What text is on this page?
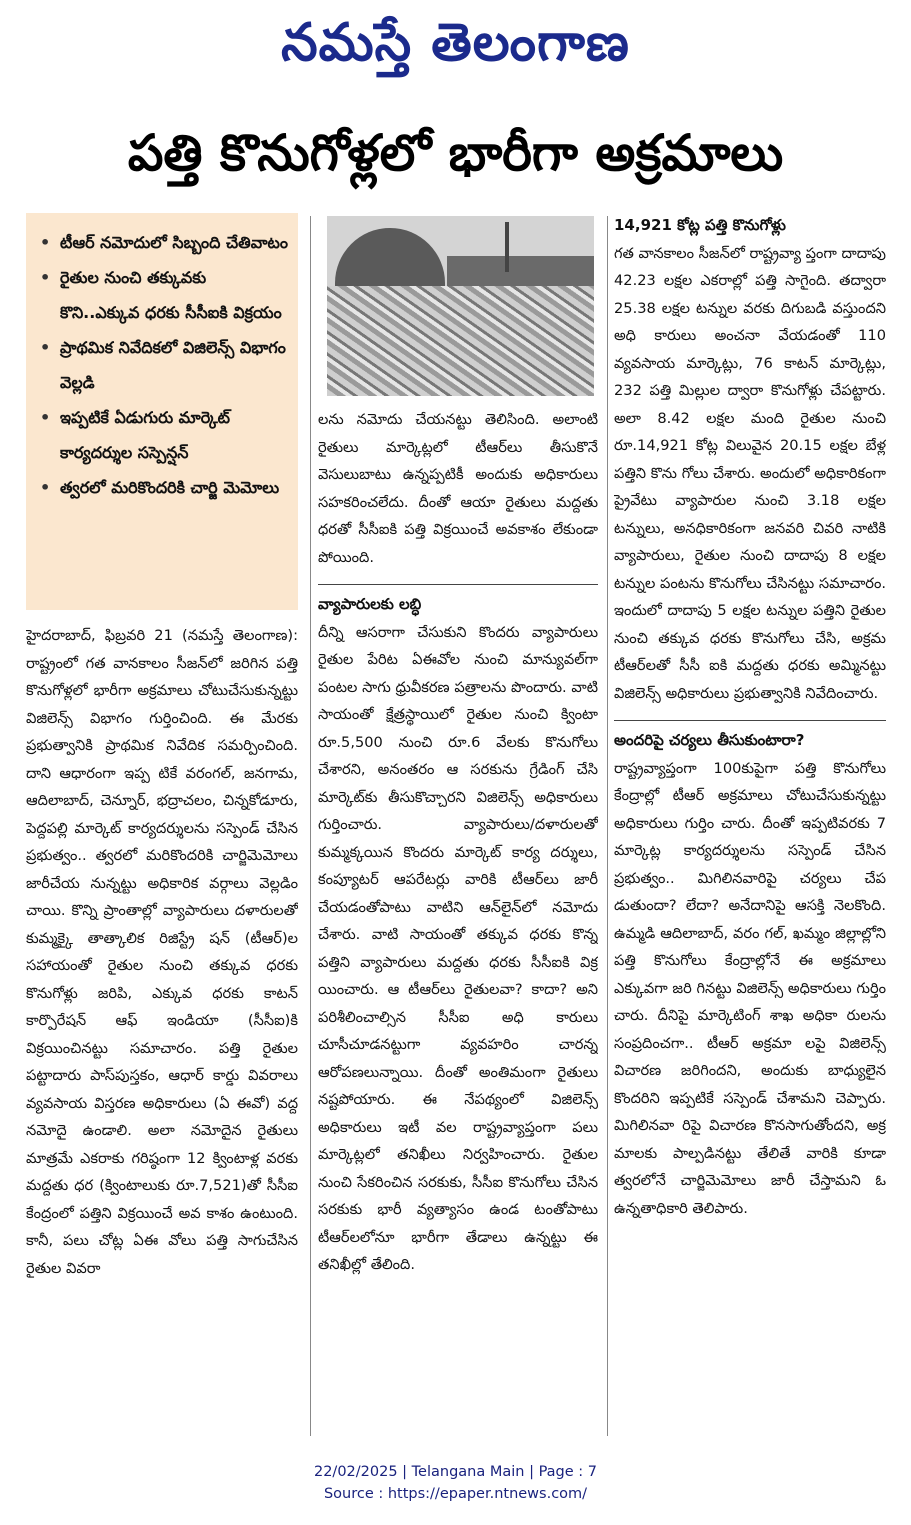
నమస్తే తెలంగాణ
పత్తి కొనుగోళ్లలో భారీగా అక్రమాలు
• టీఆర్ నమోదులో సిబ్బంది చేతివాటం
• రైతుల నుంచి తక్కువకు కొని..ఎక్కువ ధరకు సీసీఐకి విక్రయం
• ప్రాథమిక నివేదికలో విజిలెన్స్ విభాగం వెల్లడి
• ఇప్పటికే ఏడుగురు మార్కెట్ కార్యదర్శుల సస్పెన్షన్
• త్వరలో మరికొందరికి చార్జి మెమోలు

హైదరాబాద్, ఫిబ్రవరి 21 (నమస్తే తెలంగాణ): రాష్ట్రంలో గత వానకాలం సీజన్‌లో జరిగిన పత్తి కొనుగోళ్లలో భారీగా అక్రమాలు చోటుచేసుకున్నట్టు విజిలెన్స్ విభాగం గుర్తించింది. ఈ మేరకు ప్రభుత్వానికి ప్రాథమిక నివేదిక సమర్పించింది. దాని ఆధారంగా ఇప్ప టికే వరంగల్, జనగామ, ఆదిలాబాద్, చెన్నూర్, భద్రాచలం, చిన్నకోడూరు, పెద్దపల్లి మార్కెట్ కార్యదర్శులను సస్పెండ్ చేసిన ప్రభుత్వం.. త్వరలో మరికొందరికి చార్జిమెమోలు జారీచేయ నున్నట్టు అధికారిక వర్గాలు వెల్లడిం చాయి. కొన్ని ప్రాంతాల్లో వ్యాపారులు దళారులతో కుమ్మక్కై తాత్కాలిక రిజిస్ట్రే షన్ (టీఆర్)ల సహాయంతో రైతుల నుంచి తక్కువ ధరకు కొనుగోళ్లు జరిపి, ఎక్కువ ధరకు కాటన్ కార్పొరేషన్ ఆఫ్ ఇండియా (సీసీఐ)కి విక్రయించినట్టు సమాచారం. పత్తి రైతుల పట్టాదారు పాస్‌పుస్తకం, ఆధార్ కార్డు వివరాలు వ్యవసాయ విస్తరణ అధికారులు (ఏ ఈవో) వద్ద నమోదై ఉండాలి. అలా నమోదైన రైతులు మాత్రమే ఎకరాకు గరిష్ఠంగా 12 క్వింటాళ్ల వరకు మద్దతు ధర (క్వింటాలుకు రూ.7,521)తో సీసీఐ కేంద్రంలో పత్తిని విక్రయించే అవ కాశం ఉంటుంది. కానీ, పలు చోట్ల ఏఈ వోలు పత్తి సాగుచేసిన రైతుల వివరా

లను నమోదు చేయనట్టు తెలిసింది. అలాంటి రైతులు మార్కెట్లలో టీఆర్‌లు తీసుకొనే వెసులుబాటు ఉన్నప్పటికీ అందుకు అధికారులు సహకరించలేదు. దీంతో ఆయా రైతులు మద్దతు ధరతో సీసీఐకి పత్తి విక్రయించే అవకాశం లేకుండా పోయింది.

వ్యాపారులకు లబ్ధి

దీన్ని ఆసరాగా చేసుకుని కొందరు వ్యాపారులు రైతుల పేరిట ఏఈవోల నుంచి మాన్యువల్‌గా పంటల సాగు ధ్రువీకరణ పత్రాలను పొందారు. వాటి సాయంతో క్షేత్రస్థాయిలో రైతుల నుంచి క్వింటా రూ.5,500 నుంచి రూ.6 వేలకు కొనుగోలు చేశారని, అనంతరం ఆ సరకును గ్రేడింగ్ చేసి మార్కెట్‌కు తీసుకొచ్చారని విజిలెన్స్ అధికారులు గుర్తించారు. వ్యాపారులు/దళారులతో కుమ్మక్కయిన కొందరు మార్కెట్ కార్య దర్శులు, కంప్యూటర్ ఆపరేటర్లు వారికి టీఆర్‌లు జారీ చేయడంతోపాటు వాటిని ఆన్‌లైన్‌లో నమోదు చేశారు. వాటి సాయంతో తక్కువ ధరకు కొన్న పత్తిని వ్యాపారులు మద్దతు ధరకు సీసీఐకి విక్ర యించారు. ఆ టీఆర్‌లు రైతులవా? కాదా? అని పరిశీలించాల్సిన సీసీఐ అధి కారులు చూసీచూడనట్టుగా వ్యవహరిం చారన్న ఆరోపణలున్నాయి. దీంతో అంతిమంగా రైతులు నష్టపోయారు. ఈ నేపథ్యంలో విజిలెన్స్ అధికారులు ఇటీ వల రాష్ట్రవ్యాప్తంగా పలు మార్కెట్లలో తనిఖీలు నిర్వహించారు. రైతుల నుంచి సేకరించిన సరకుకు, సీసీఐ కొనుగోలు చేసిన సరకుకు భారీ వ్యత్యాసం ఉండ టంతోపాటు టీఆర్‌లలోనూ భారీగా తేడాలు ఉన్నట్టు ఈ తనిఖీల్లో తేలింది.

14,921 కోట్ల పత్తి కొనుగోళ్లు

గత వానకాలం సీజన్‌లో రాష్ట్రవ్యా ప్తంగా దాదాపు 42.23 లక్షల ఎకరాల్లో పత్తి సాగైంది. తద్వారా 25.38 లక్షల టన్నుల వరకు దిగుబడి వస్తుందని అధి కారులు అంచనా వేయడంతో 110 వ్యవసాయ మార్కెట్లు, 76 కాటన్ మార్కెట్లు, 232 పత్తి మిల్లుల ద్వారా కొనుగోళ్లు చేపట్టారు. అలా 8.42 లక్షల మంది రైతుల నుంచి రూ.14,921 కోట్ల విలువైన 20.15 లక్షల బేళ్ల పత్తిని కొను గోలు చేశారు. అందులో అధికారికంగా ప్రైవేటు వ్యాపారుల నుంచి 3.18 లక్షల టన్నులు, అనధికారికంగా జనవరి చివరి నాటికి వ్యాపారులు, రైతుల నుంచి దాదాపు 8 లక్షల టన్నుల పంటను కొనుగోలు చేసినట్టు సమాచారం. ఇందులో దాదాపు 5 లక్షల టన్నుల పత్తిని రైతుల నుంచి తక్కువ ధరకు కొనుగోలు చేసి, అక్రమ టీఆర్‌లతో సీసీ ఐకి మద్దతు ధరకు అమ్మినట్టు విజిలెన్స్ అధికారులు ప్రభుత్వానికి నివేదించారు.

అందరిపై చర్యలు తీసుకుంటారా?

రాష్ట్రవ్యాప్తంగా 100కుపైగా పత్తి కొనుగోలు కేంద్రాల్లో టీఆర్ అక్రమాలు చోటుచేసుకున్నట్టు అధికారులు గుర్తిం చారు. దీంతో ఇప్పటివరకు 7 మార్కెట్ల కార్యదర్శులను సస్పెండ్ చేసిన ప్రభుత్వం.. మిగిలినవారిపై చర్యలు చేప డుతుందా? లేదా? అనేదానిపై ఆసక్తి నెలకొంది. ఉమ్మడి ఆదిలాబాద్, వరం గల్, ఖమ్మం జిల్లాల్లోని పత్తి కొనుగోలు కేంద్రాల్లోనే ఈ అక్రమాలు ఎక్కువగా జరి గినట్టు విజిలెన్స్ అధికారులు గుర్తిం చారు. దీనిపై మార్కెటింగ్ శాఖ అధికా రులను సంప్రదించగా.. టీఆర్ అక్రమా లపై విజిలెన్స్ విచారణ జరిగిందని, అందుకు బాధ్యులైన కొందరిని ఇప్పటికే సస్పెండ్ చేశామని చెప్పారు. మిగిలినవా రిపై విచారణ కొనసాగుతోందని, అక్ర మాలకు పాల్పడినట్టు తేలితే వారికి కూడా త్వరలోనే చార్జిమెమోలు జారీ చేస్తామని ఓ ఉన్నతాధికారి తెలిపారు.

22/02/2025 | Telangana Main | Page : 7
Source : https://epaper.ntnews.com/
